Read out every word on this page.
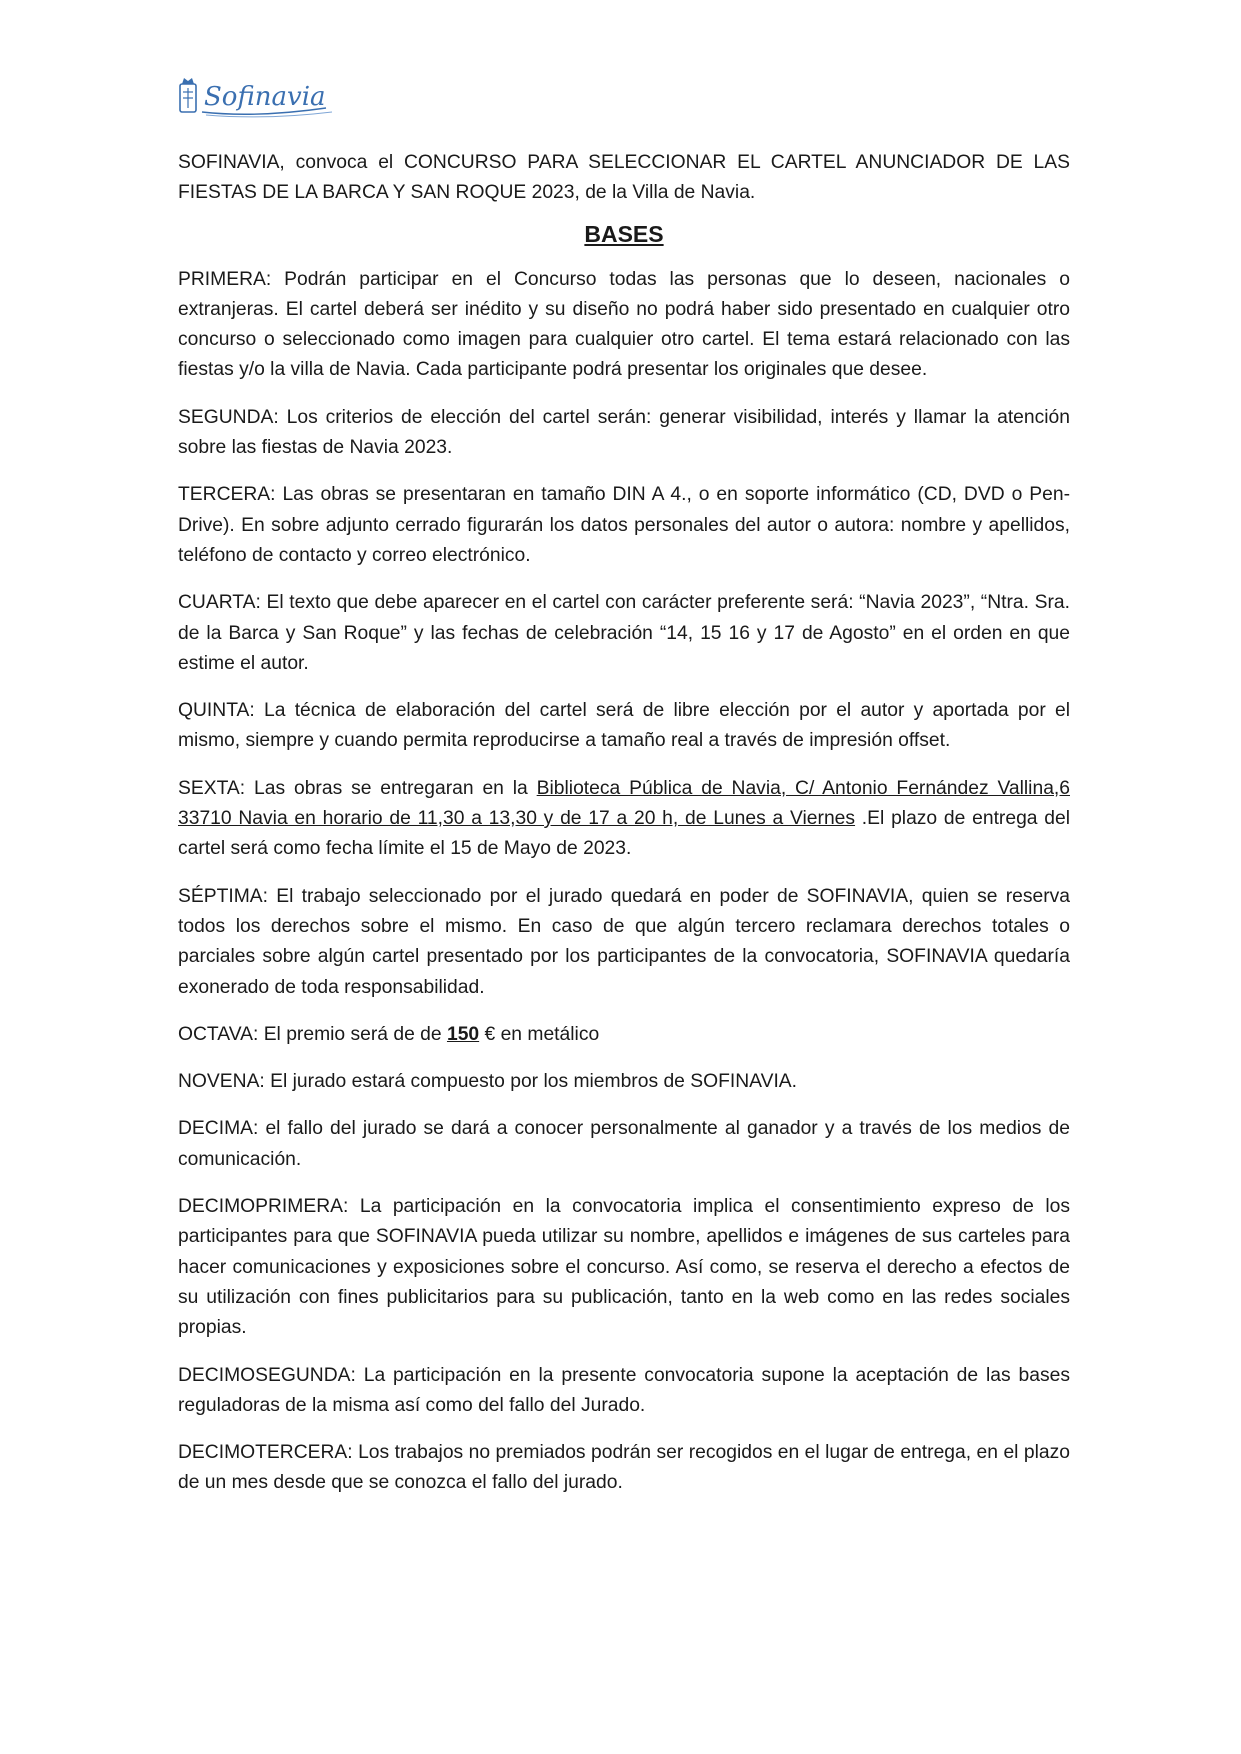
Sofinavia

SOFINAVIA, convoca el CONCURSO PARA SELECCIONAR EL CARTEL ANUNCIADOR DE LAS FIESTAS DE LA BARCA Y SAN ROQUE 2023, de la Villa de Navia.

BASES

PRIMERA: Podrán participar en el Concurso todas las personas que lo deseen, nacionales o extranjeras. El cartel deberá ser inédito y su diseño no podrá haber sido presentado en cualquier otro concurso o seleccionado como imagen para cualquier otro cartel. El tema estará relacionado con las fiestas y/o la villa de Navia. Cada participante podrá presentar los originales que desee.

SEGUNDA: Los criterios de elección del cartel serán: generar visibilidad, interés y llamar la atención sobre las fiestas de Navia 2023.

TERCERA: Las obras se presentaran en tamaño DIN A 4., o en soporte informático (CD, DVD o Pen-Drive). En sobre adjunto cerrado figurarán los datos personales del autor o autora: nombre y apellidos, teléfono de contacto y correo electrónico.

CUARTA: El texto que debe aparecer en el cartel con carácter preferente será: “Navia 2023”, “Ntra. Sra. de la Barca y San Roque” y las fechas de celebración “14, 15 16 y 17 de Agosto” en el orden en que estime el autor.

QUINTA: La técnica de elaboración del cartel será de libre elección por el autor y aportada por el mismo, siempre y cuando permita reproducirse a tamaño real a través de impresión offset.

SEXTA: Las obras se entregaran en la Biblioteca Pública de Navia, C/ Antonio Fernández Vallina,6 33710 Navia en horario de 11,30 a 13,30 y de 17 a 20 h, de Lunes a Viernes .El plazo de entrega del cartel será como fecha límite el 15 de Mayo de 2023.

SÉPTIMA: El trabajo seleccionado por el jurado quedará en poder de SOFINAVIA, quien se reserva todos los derechos sobre el mismo. En caso de que algún tercero reclamara derechos totales o parciales sobre algún cartel presentado por los participantes de la convocatoria, SOFINAVIA quedaría exonerado de toda responsabilidad.

OCTAVA: El premio será de de 150 € en metálico

NOVENA: El jurado estará compuesto por los miembros de SOFINAVIA.

DECIMA: el fallo del jurado se dará a conocer personalmente al ganador y a través de los medios de comunicación.

DECIMOPRIMERA: La participación en la convocatoria implica el consentimiento expreso de los participantes para que SOFINAVIA pueda utilizar su nombre, apellidos e imágenes de sus carteles para hacer comunicaciones y exposiciones sobre el concurso. Así como, se reserva el derecho a efectos de su utilización con fines publicitarios para su publicación, tanto en la web como en las redes sociales propias.

DECIMOSEGUNDA: La participación en la presente convocatoria supone la aceptación de las bases reguladoras de la misma así como del fallo del Jurado.

DECIMOTERCERA: Los trabajos no premiados podrán ser recogidos en el lugar de entrega, en el plazo de un mes desde que se conozca el fallo del jurado.
